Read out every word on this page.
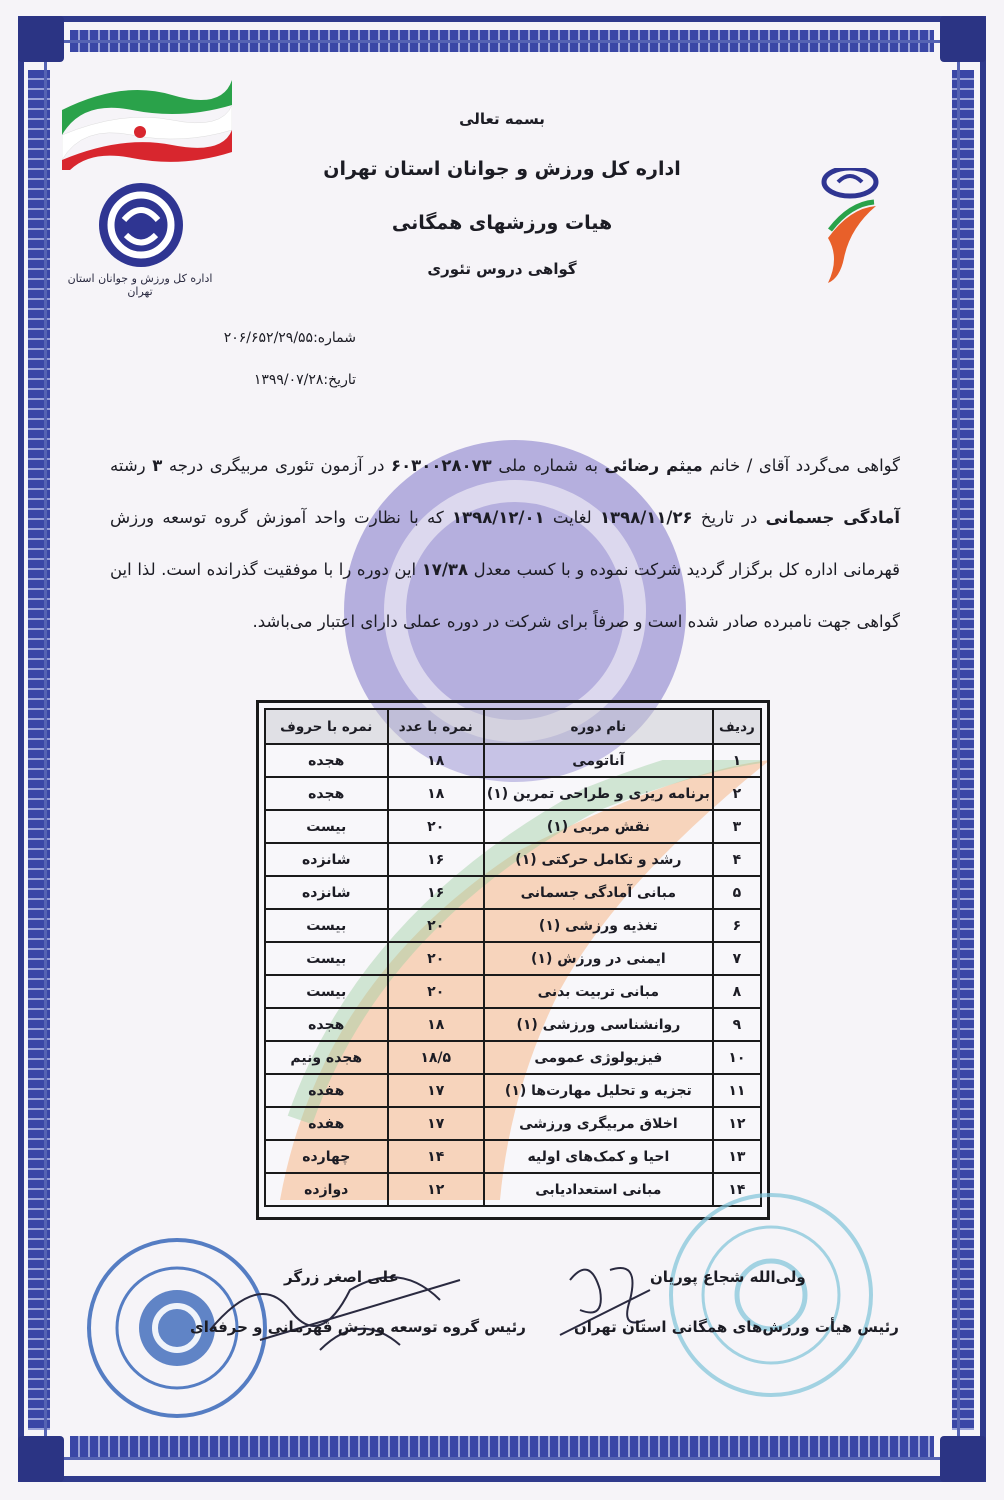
اداره کل ورزش و جوانان استان تهران
بسمه تعالی
اداره کل ورزش و جوانان استان تهران
هیات ورزشهای همگانی
گواهی دروس تئوری
شماره:۲۰۶/۶۵۲/۲۹/۵۵
تاریخ:۱۳۹۹/۰۷/۲۸
گواهی می‌گردد آقای / خانم میثم رضائی به شماره ملی ۶۰۳۰۰۲۸۰۷۳ در آزمون تئوری مربیگری درجه ۳ رشته آمادگی جسمانی در تاریخ ۱۳۹۸/۱۱/۲۶ لغایت ۱۳۹۸/۱۲/۰۱ که با نظارت واحد آموزش گروه توسعه ورزش قهرمانی اداره کل برگزار گردید شرکت نموده و با کسب معدل ۱۷/۳۸ این دوره را با موفقیت گذرانده است. لذا این گواهی جهت نامبرده صادر شده است و صرفاً برای شرکت در دوره عملی دارای اعتبار می‌باشد.
ردیف	نام دوره	نمره با عدد	نمره با حروف
۱	آناتومی	۱۸	هجده
۲	برنامه ریزی و طراحی تمرین (۱)	۱۸	هجده
۳	نقش مربی (۱)	۲۰	بیست
۴	رشد و تکامل حرکتی (۱)	۱۶	شانزده
۵	مبانی آمادگی جسمانی	۱۶	شانزده
۶	تغذیه ورزشی (۱)	۲۰	بیست
۷	ایمنی در ورزش (۱)	۲۰	بیست
۸	مبانی تربیت بدنی	۲۰	بیست
۹	روانشناسی ورزشی (۱)	۱۸	هجده
۱۰	فیزیولوژی عمومی	۱۸/۵	هجده ونیم
۱۱	تجزیه و تحلیل مهارت‌ها (۱)	۱۷	هفده
۱۲	اخلاق مربیگری ورزشی	۱۷	هفده
۱۳	احیا و کمک‌های اولیه	۱۴	چهارده
۱۴	مبانی استعدادیابی	۱۲	دوازده
علی اصغر زرگر
رئیس گروه توسعه ورزش قهرمانی و حرفه‌ای
ولی‌الله شجاع پوریان
رئیس هیأت ورزش‌های همگانی استان تهران
